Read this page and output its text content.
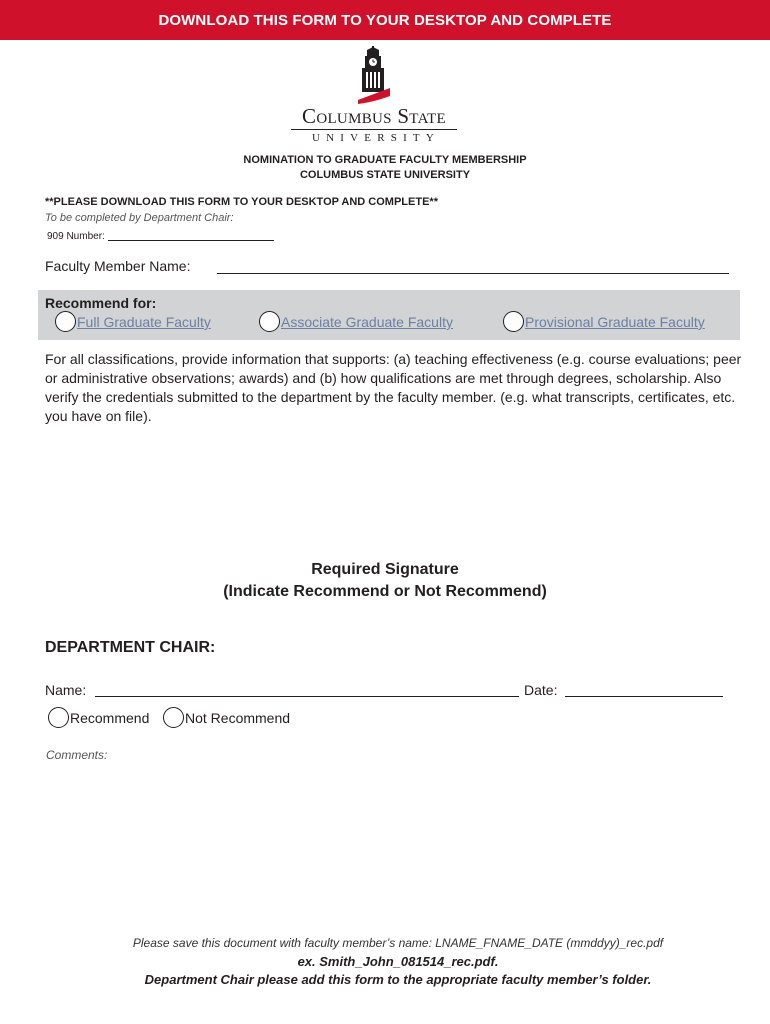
DOWNLOAD THIS FORM TO YOUR DESKTOP AND COMPLETE
Columbus State
UNIVERSITY
NOMINATION TO GRADUATE FACULTY MEMBERSHIP
COLUMBUS STATE UNIVERSITY
**PLEASE DOWNLOAD THIS FORM TO YOUR DESKTOP AND COMPLETE**
To be completed by Department Chair:
909 Number:
Faculty Member Name:
Recommend for:
Full Graduate Faculty	Associate Graduate Faculty	Provisional Graduate Faculty
For all classifications, provide information that supports: (a) teaching effectiveness (e.g. course evaluations; peer or administrative observations; awards) and (b) how qualifications are met through degrees, scholarship. Also verify the credentials submitted to the department by the faculty member. (e.g. what transcripts, certificates, etc. you have on file).
Required Signature
(Indicate Recommend or Not Recommend)
DEPARTMENT CHAIR:
Name:	Date:
Recommend	Not Recommend
Comments:
Please save this document with faculty member’s name: LNAME_FNAME_DATE (mmddyy)_rec.pdf
ex. Smith_John_081514_rec.pdf.
Department Chair please add this form to the appropriate faculty member’s folder.
